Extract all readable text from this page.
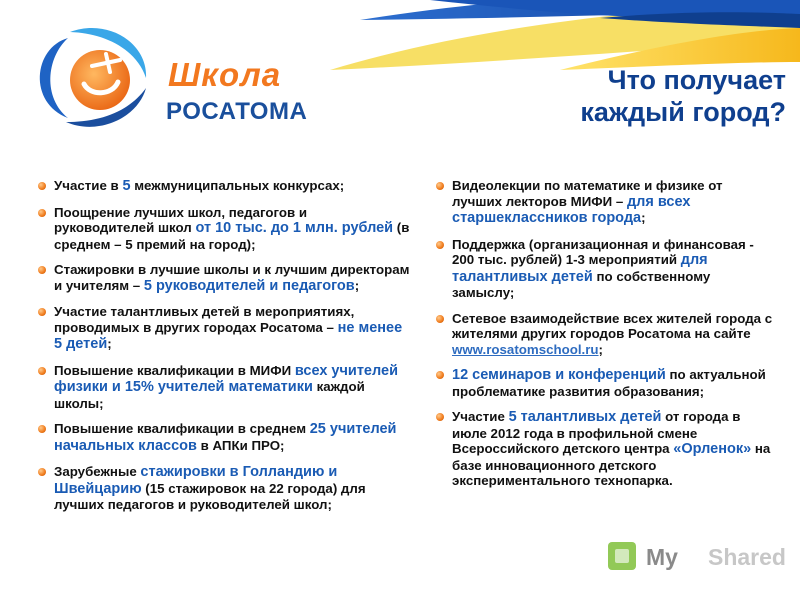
Школа
РОСАТОМА
Что получает
каждый город?
Участие в 5 межмуниципальных конкурсах;
Поощрение лучших школ, педагогов и руководителей школ от 10 тыс. до 1 млн. рублей (в среднем – 5 премий на город);
Стажировки в лучшие школы и к лучшим директорам и учителям – 5 руководителей и педагогов;
Участие талантливых детей в мероприятиях, проводимых в других городах Росатома – не менее 5 детей;
Повышение квалификации в МИФИ всех учителей физики и 15% учителей математики каждой школы;
Повышение квалификации в среднем 25 учителей начальных классов в АПКи ПРО;
Зарубежные стажировки в Голландию и Швейцарию (15 стажировок на 22 города) для лучших педагогов и руководителей школ;
Видеолекции по математике и физике от лучших лекторов МИФИ – для всех старшеклассников города;
Поддержка (организационная и финансовая - 200 тыс. рублей) 1-3 мероприятий для талантливых детей по собственному замыслу;
Сетевое взаимодействие всех жителей города с жителями других городов Росатома на сайте www.rosatomschool.ru;
12 семинаров и конференций по актуальной проблематике развития образования;
Участие 5 талантливых детей от города в июле 2012 года в профильной смене Всероссийского детского центра «Орленок» на базе инновационного детского экспериментального технопарка.
My Shared
